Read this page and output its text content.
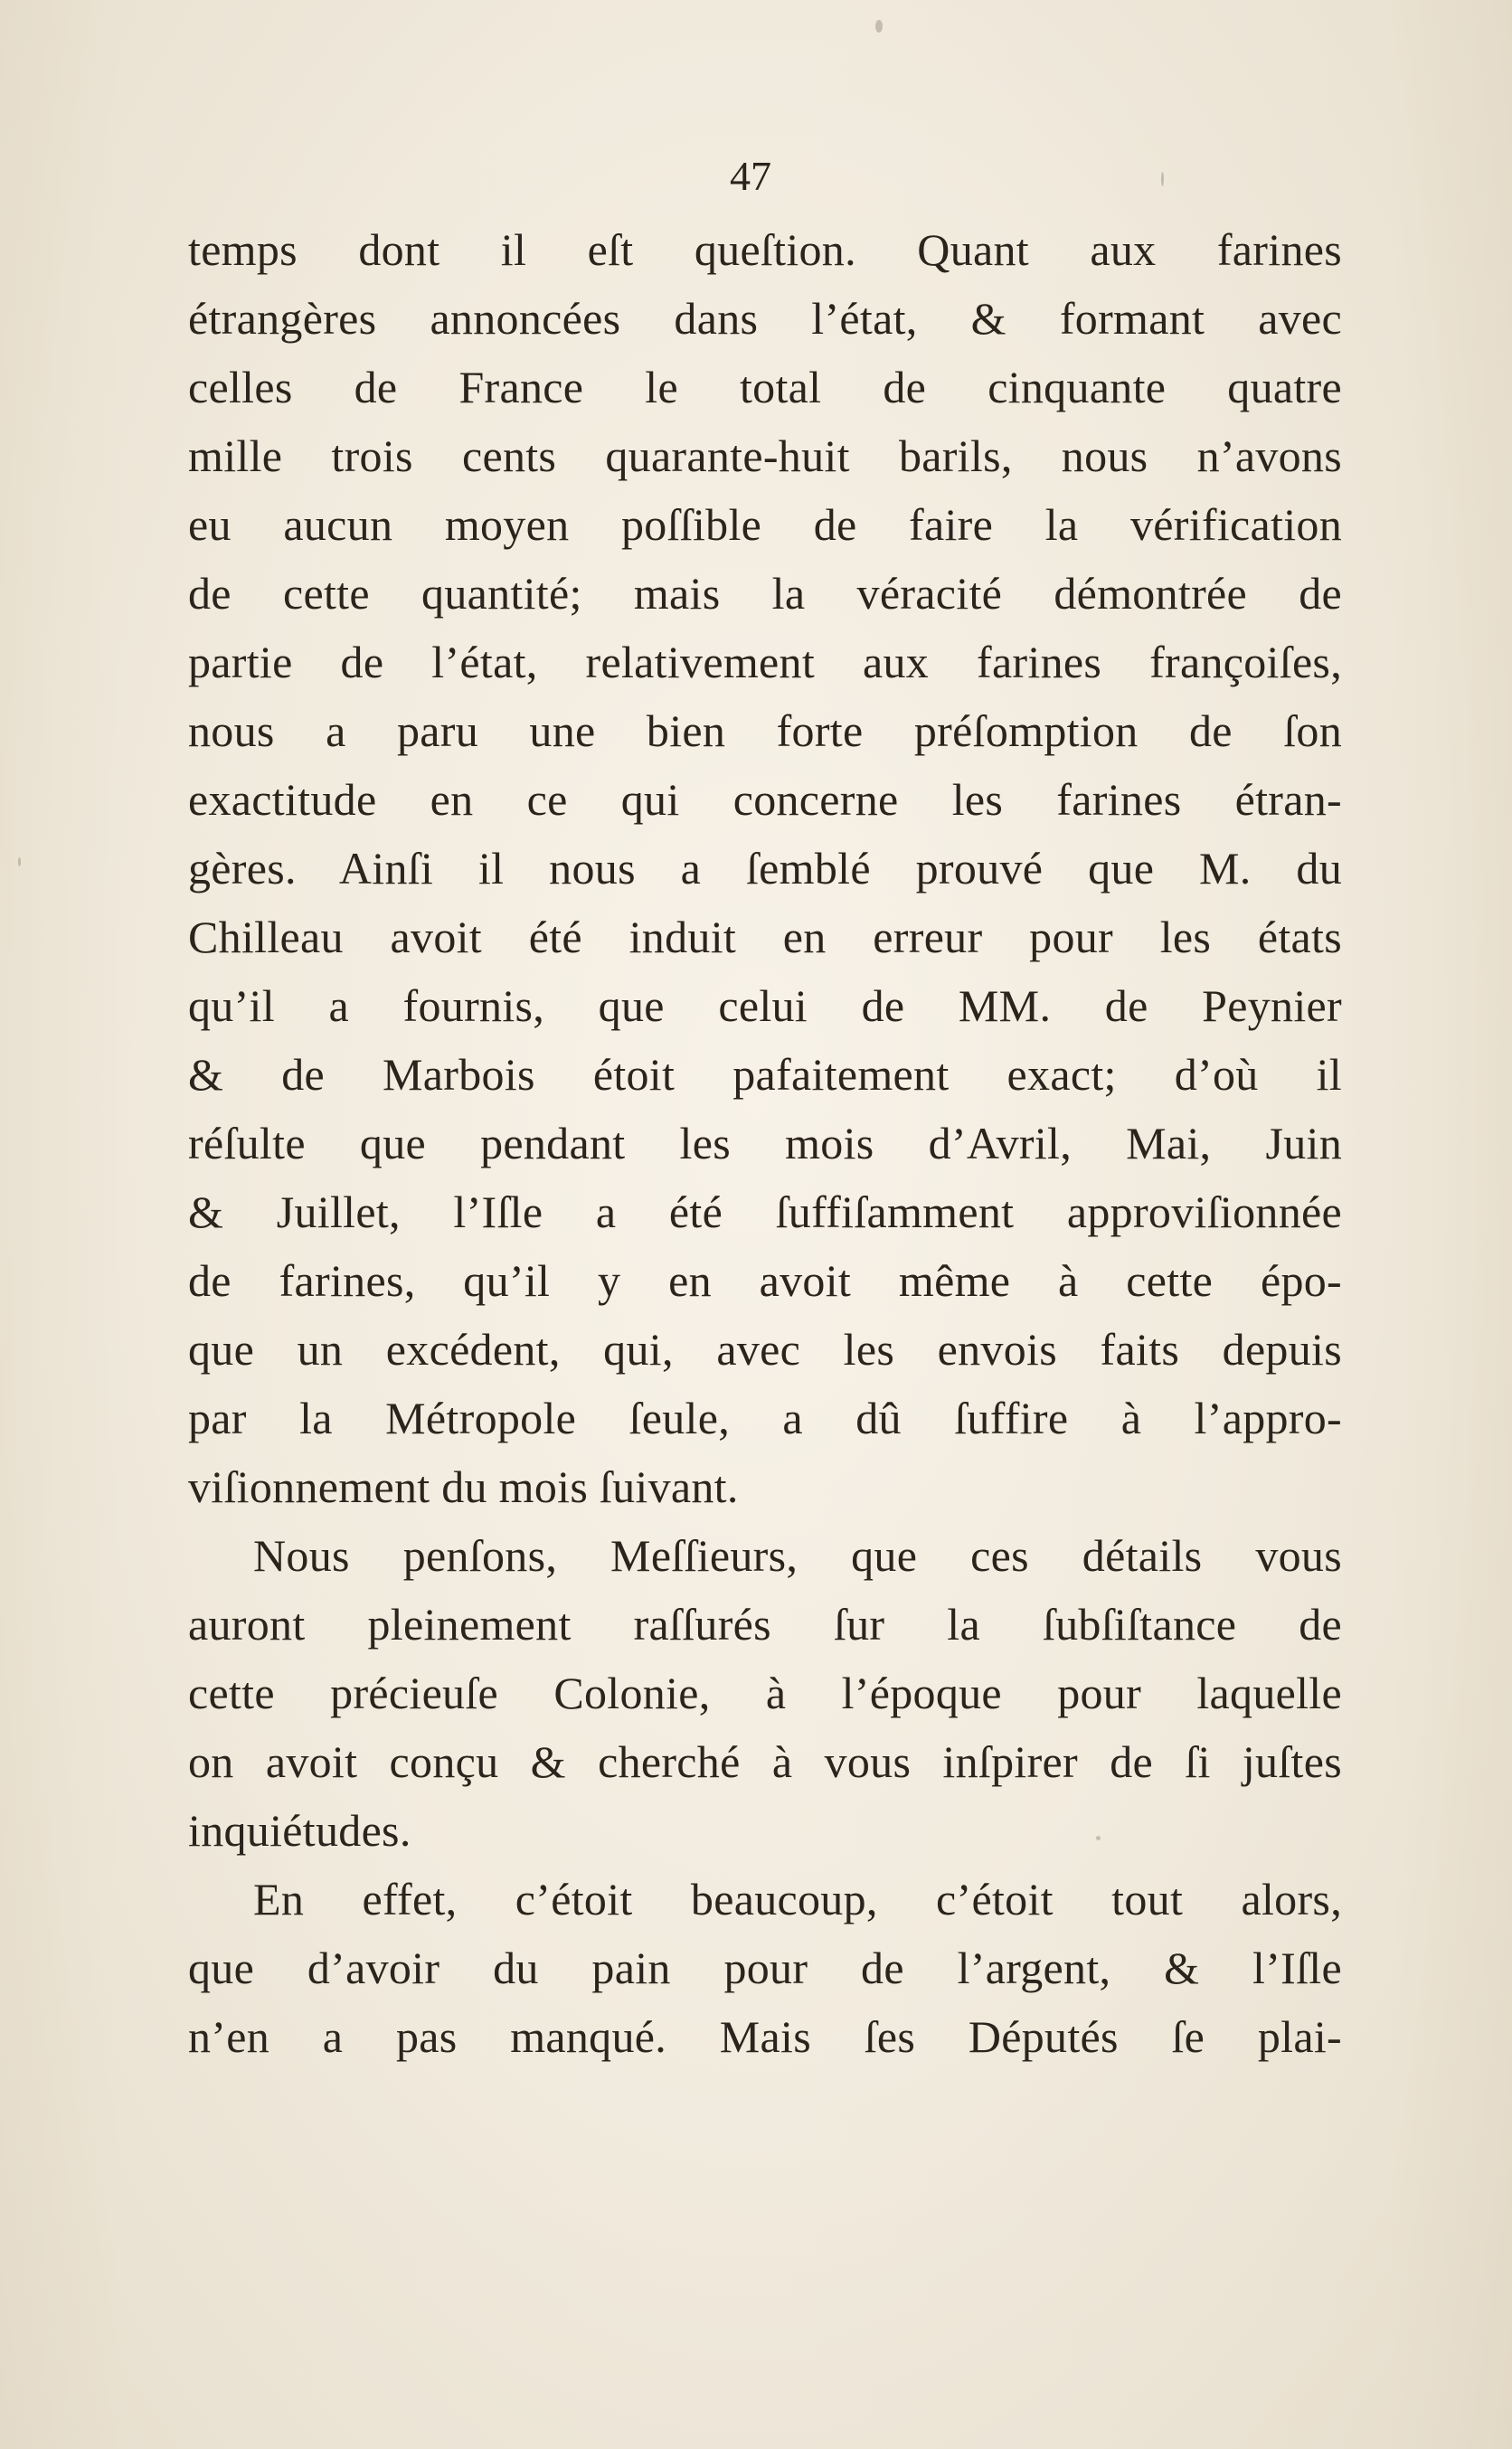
47
temps dont il eſt queſtion. Quant aux farines
étrangères annoncées dans l’état, & formant avec
celles de France le total de cinquante quatre
mille trois cents quarante-huit barils, nous n’avons
eu aucun moyen poſſible de faire la vérification
de cette quantité; mais la véracité démontrée de
partie de l’état, relativement aux farines françoiſes,
nous a paru une bien forte préſomption de ſon
exactitude en ce qui concerne les farines étran-
gères. Ainſi il nous a ſemblé prouvé que M. du
Chilleau avoit été induit en erreur pour les états
qu’il a fournis, que celui de MM. de Peynier
& de Marbois étoit pafaitement exact; d’où il
réſulte que pendant les mois d’Avril, Mai, Juin
& Juillet, l’Iſle a été ſuffiſamment approviſionnée
de farines, qu’il y en avoit même à cette épo-
que un excédent, qui, avec les envois faits depuis
par la Métropole ſeule, a dû ſuffire à l’appro-
viſionnement du mois ſuivant.
Nous penſons, Meſſieurs, que ces détails vous
auront pleinement raſſurés ſur la ſubſiſtance de
cette précieuſe Colonie, à l’époque pour laquelle
on avoit conçu & cherché à vous inſpirer de ſi juſtes
inquiétudes.
En effet, c’étoit beaucoup, c’étoit tout alors,
que d’avoir du pain pour de l’argent, & l’Iſle
n’en a pas manqué. Mais ſes Députés ſe plai-
